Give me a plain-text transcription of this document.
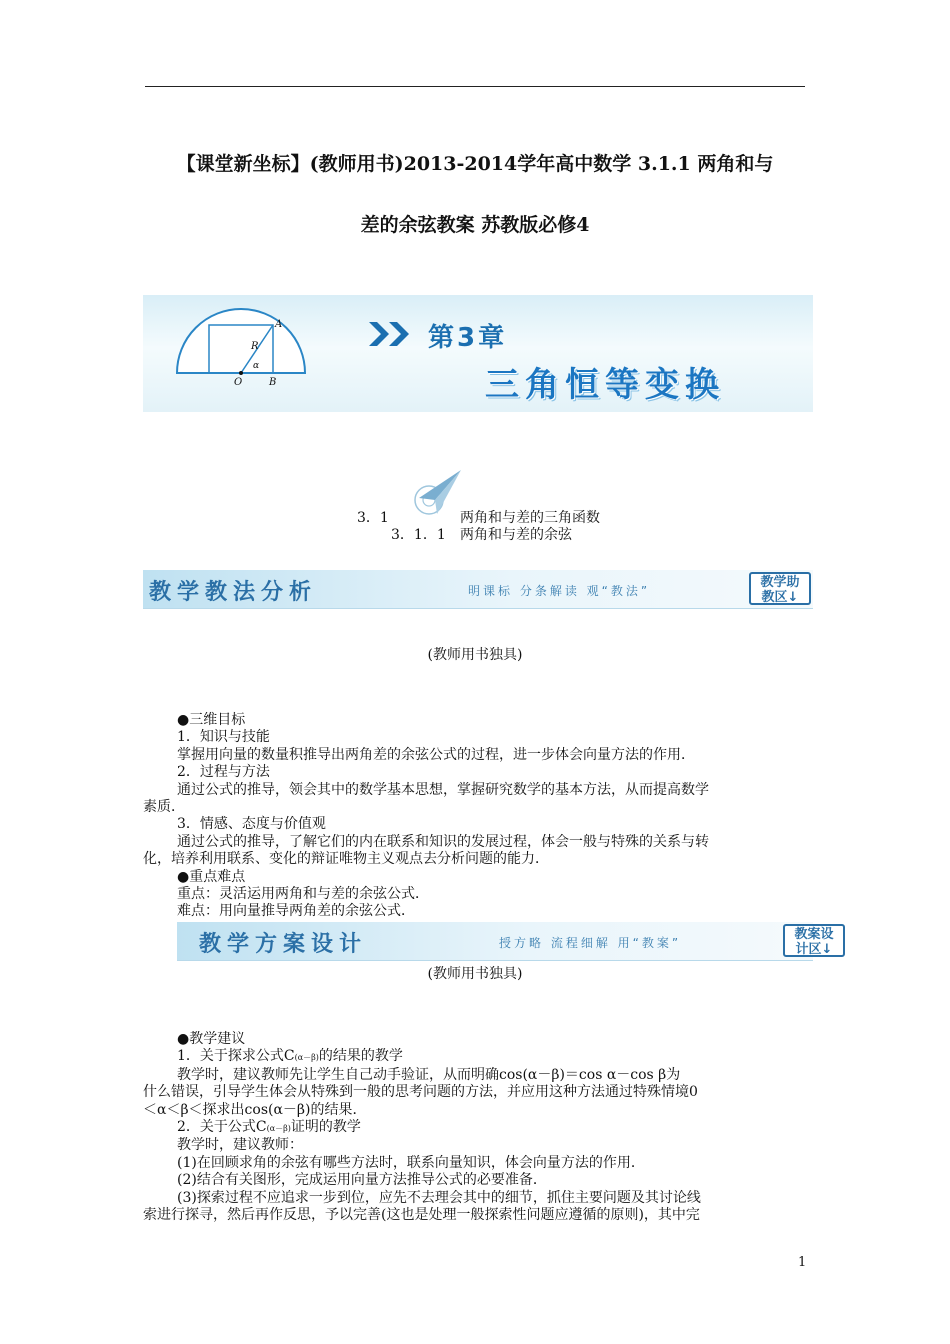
【课堂新坐标】(教师用书)2013-2014学年高中数学 3.1.1 两角和与
差的余弦教案 苏教版必修4
A
R
α
O	B
第3章
三角恒等变换
3．1	两角和与差的三角函数
3．1．1 两角和与差的余弦
教学教法分析	明课标 分条解读 观“教法”
教学助
教区↓
(教师用书独具)

●三维目标

1．知识与技能

掌握用向量的数量积推导出两角差的余弦公式的过程，进一步体会向量方法的作用．

2．过程与方法

通过公式的推导，领会其中的数学基本思想，掌握研究数学的基本方法，从而提高数学

素质．

3．情感、态度与价值观

通过公式的推导，了解它们的内在联系和知识的发展过程，体会一般与特殊的关系与转

化，培养利用联系、变化的辩证唯物主义观点去分析问题的能力．

●重点难点

重点：灵活运用两角和与差的余弦公式．

难点：用向量推导两角差的余弦公式．

教学方案设计	授方略 流程细解 用“教案”
教案设
计区↓
(教师用书独具)

●教学建议

1．关于探求公式C(α－β)的结果的教学

教学时，建议教师先让学生自己动手验证，从而明确cos(α－β)＝cos α－cos β为

什么错误，引导学生体会从特殊到一般的思考问题的方法，并应用这种方法通过特殊情境0

＜α＜β＜探求出cos(α－β)的结果．

2．关于公式C(α－β)证明的教学

教学时，建议教师：

(1)在回顾求角的余弦有哪些方法时，联系向量知识，体会向量方法的作用．

(2)结合有关图形，完成运用向量方法推导公式的必要准备．

(3)探索过程不应追求一步到位，应先不去理会其中的细节，抓住主要问题及其讨论线

索进行探寻，然后再作反思，予以完善(这也是处理一般探索性问题应遵循的原则)，其中完

1
